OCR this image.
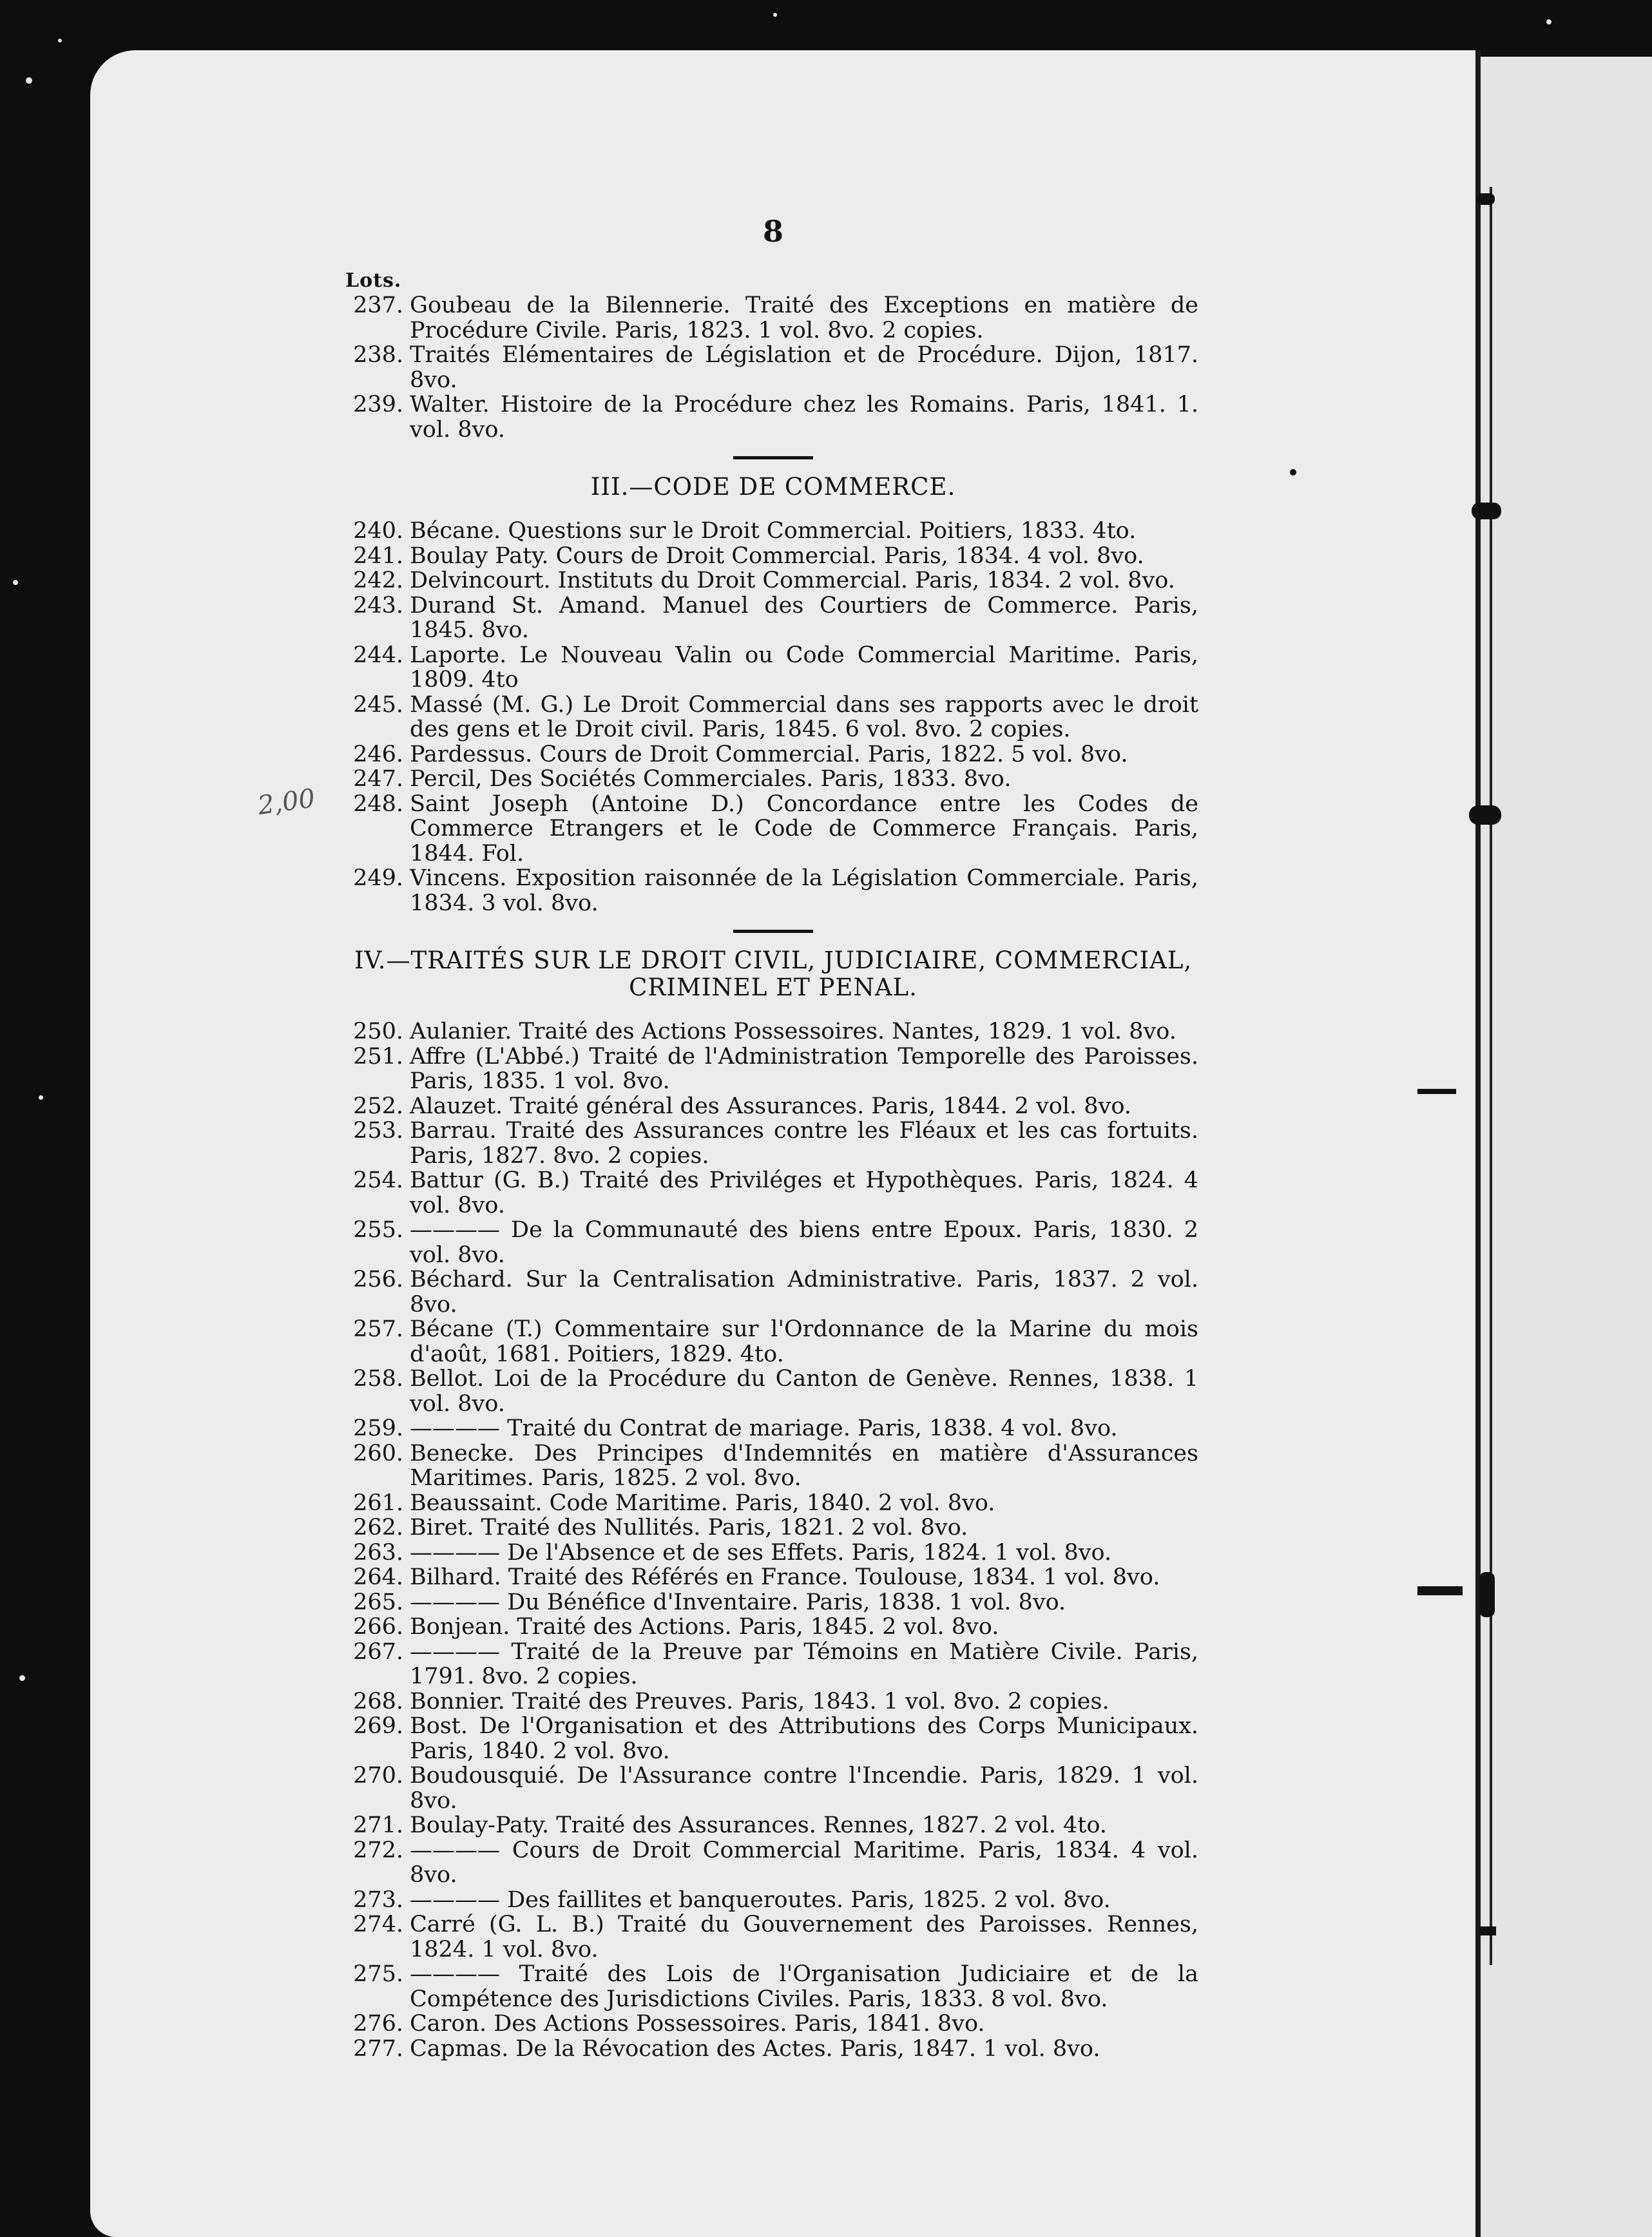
2,00
8
Lots.
237. Goubeau de la Bilennerie. Traité des Exceptions en matière de Procédure Civile. Paris, 1823. 1 vol. 8vo. 2 copies.
238. Traités Elémentaires de Législation et de Procédure. Dijon, 1817. 8vo.
239. Walter. Histoire de la Procédure chez les Romains. Paris, 1841. 1. vol. 8vo.
III.—CODE DE COMMERCE.
240. Bécane. Questions sur le Droit Commercial. Poitiers, 1833. 4to.
241. Boulay Paty. Cours de Droit Commercial. Paris, 1834. 4 vol. 8vo.
242. Delvincourt. Instituts du Droit Commercial. Paris, 1834. 2 vol. 8vo.
243. Durand St. Amand. Manuel des Courtiers de Commerce. Paris, 1845. 8vo.
244. Laporte. Le Nouveau Valin ou Code Commercial Maritime. Paris, 1809. 4to
245. Massé (M. G.) Le Droit Commercial dans ses rapports avec le droit des gens et le Droit civil. Paris, 1845. 6 vol. 8vo. 2 copies.
246. Pardessus. Cours de Droit Commercial. Paris, 1822. 5 vol. 8vo.
247. Percil, Des Sociétés Commerciales. Paris, 1833. 8vo.
248. Saint Joseph (Antoine D.) Concordance entre les Codes de Commerce Etrangers et le Code de Commerce Français. Paris, 1844. Fol.
249. Vincens. Exposition raisonnée de la Législation Commerciale. Paris, 1834. 3 vol. 8vo.
IV.—TRAITÉS SUR LE DROIT CIVIL, JUDICIAIRE, COMMERCIAL,
CRIMINEL ET PENAL.
250. Aulanier. Traité des Actions Possessoires. Nantes, 1829. 1 vol. 8vo.
251. Affre (L'Abbé.) Traité de l'Administration Temporelle des Paroisses. Paris, 1835. 1 vol. 8vo.
252. Alauzet. Traité général des Assurances. Paris, 1844. 2 vol. 8vo.
253. Barrau. Traité des Assurances contre les Fléaux et les cas fortuits. Paris, 1827. 8vo. 2 copies.
254. Battur (G. B.) Traité des Priviléges et Hypothèques. Paris, 1824. 4 vol. 8vo.
255. ———— De la Communauté des biens entre Epoux. Paris, 1830. 2 vol. 8vo.
256. Béchard. Sur la Centralisation Administrative. Paris, 1837. 2 vol. 8vo.
257. Bécane (T.) Commentaire sur l'Ordonnance de la Marine du mois d'août, 1681. Poitiers, 1829. 4to.
258. Bellot. Loi de la Procédure du Canton de Genève. Rennes, 1838. 1 vol. 8vo.
259. ———— Traité du Contrat de mariage. Paris, 1838. 4 vol. 8vo.
260. Benecke. Des Principes d'Indemnités en matière d'Assurances Maritimes. Paris, 1825. 2 vol. 8vo.
261. Beaussaint. Code Maritime. Paris, 1840. 2 vol. 8vo.
262. Biret. Traité des Nullités. Paris, 1821. 2 vol. 8vo.
263. ———— De l'Absence et de ses Effets. Paris, 1824. 1 vol. 8vo.
264. Bilhard. Traité des Référés en France. Toulouse, 1834. 1 vol. 8vo.
265. ———— Du Bénéfice d'Inventaire. Paris, 1838. 1 vol. 8vo.
266. Bonjean. Traité des Actions. Paris, 1845. 2 vol. 8vo.
267. ———— Traité de la Preuve par Témoins en Matière Civile. Paris, 1791. 8vo. 2 copies.
268. Bonnier. Traité des Preuves. Paris, 1843. 1 vol. 8vo. 2 copies.
269. Bost. De l'Organisation et des Attributions des Corps Municipaux. Paris, 1840. 2 vol. 8vo.
270. Boudousquié. De l'Assurance contre l'Incendie. Paris, 1829. 1 vol. 8vo.
271. Boulay-Paty. Traité des Assurances. Rennes, 1827. 2 vol. 4to.
272. ———— Cours de Droit Commercial Maritime. Paris, 1834. 4 vol. 8vo.
273. ———— Des faillites et banqueroutes. Paris, 1825. 2 vol. 8vo.
274. Carré (G. L. B.) Traité du Gouvernement des Paroisses. Rennes, 1824. 1 vol. 8vo.
275. ———— Traité des Lois de l'Organisation Judiciaire et de la Compétence des Jurisdictions Civiles. Paris, 1833. 8 vol. 8vo.
276. Caron. Des Actions Possessoires. Paris, 1841. 8vo.
277. Capmas. De la Révocation des Actes. Paris, 1847. 1 vol. 8vo.
